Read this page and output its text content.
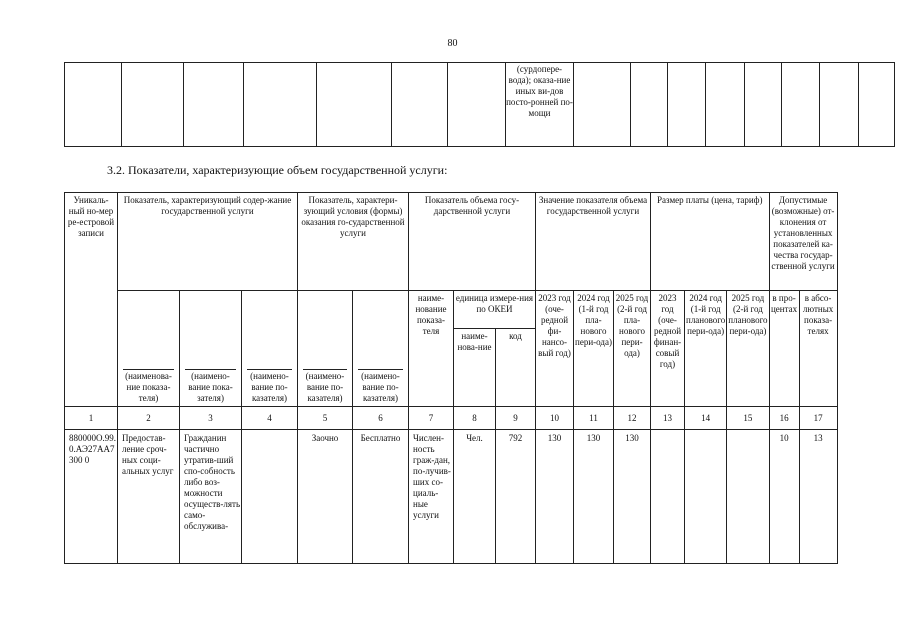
80
							(сурдопере-вода); оказа-ние иных ви-дов посто-ронней по-мощи								
3.2. Показатели, характеризующие объем государственной услуги:
Уникаль-ный но-мер ре-естровой записи	Показатель, характеризующий содер-жание государственной услуги			Показатель, характери-зующий условия (формы) оказания го-сударственной услуги		Показатель объема госу-дарственной услуги			Значение показателя объема государственной услуги			Размер платы (цена, тариф)			Допустимые (возможные) от-клонения от установленных показателей ка-чества государ-ственной услуги	

	(наименова-ние показа-теля)	(наимено-вание пока-зателя)	(наимено-вание по-казателя)	(наимено-вание по-казателя)	(наимено-вание по-казателя)	наиме-нование показа-теля	единица измере-ния по ОКЕИ		2023 год (оче-редной фи-нансо-вый год)	2024 год (1-й год пла-нового пери-ода)	2025 год (2-й год пла-нового пери-ода)	2023 год (оче-редной финан-совый год)	2024 год (1-й год планового пери-ода)	2025 год (2-й год планового пери-ода)	в про-центах	в абсо-лютных показа-телях
							наиме-нова-ние	код								
1	2	3	4	5	6	7	8	9	10	11	12	13	14	15	16	17
880000О.99.0.АЭ27АА7300 0	Предостав-ление сроч-ных соци-альных услуг	Гражданин частично утратив-ший спо-собность либо воз-можности осуществ-лять само-обслужива-		Заочно	Бесплатно	Числен-ность граж-дан, по-лучив-ших со-циаль-ные услуги	Чел.	792	130	130	130				10	13
